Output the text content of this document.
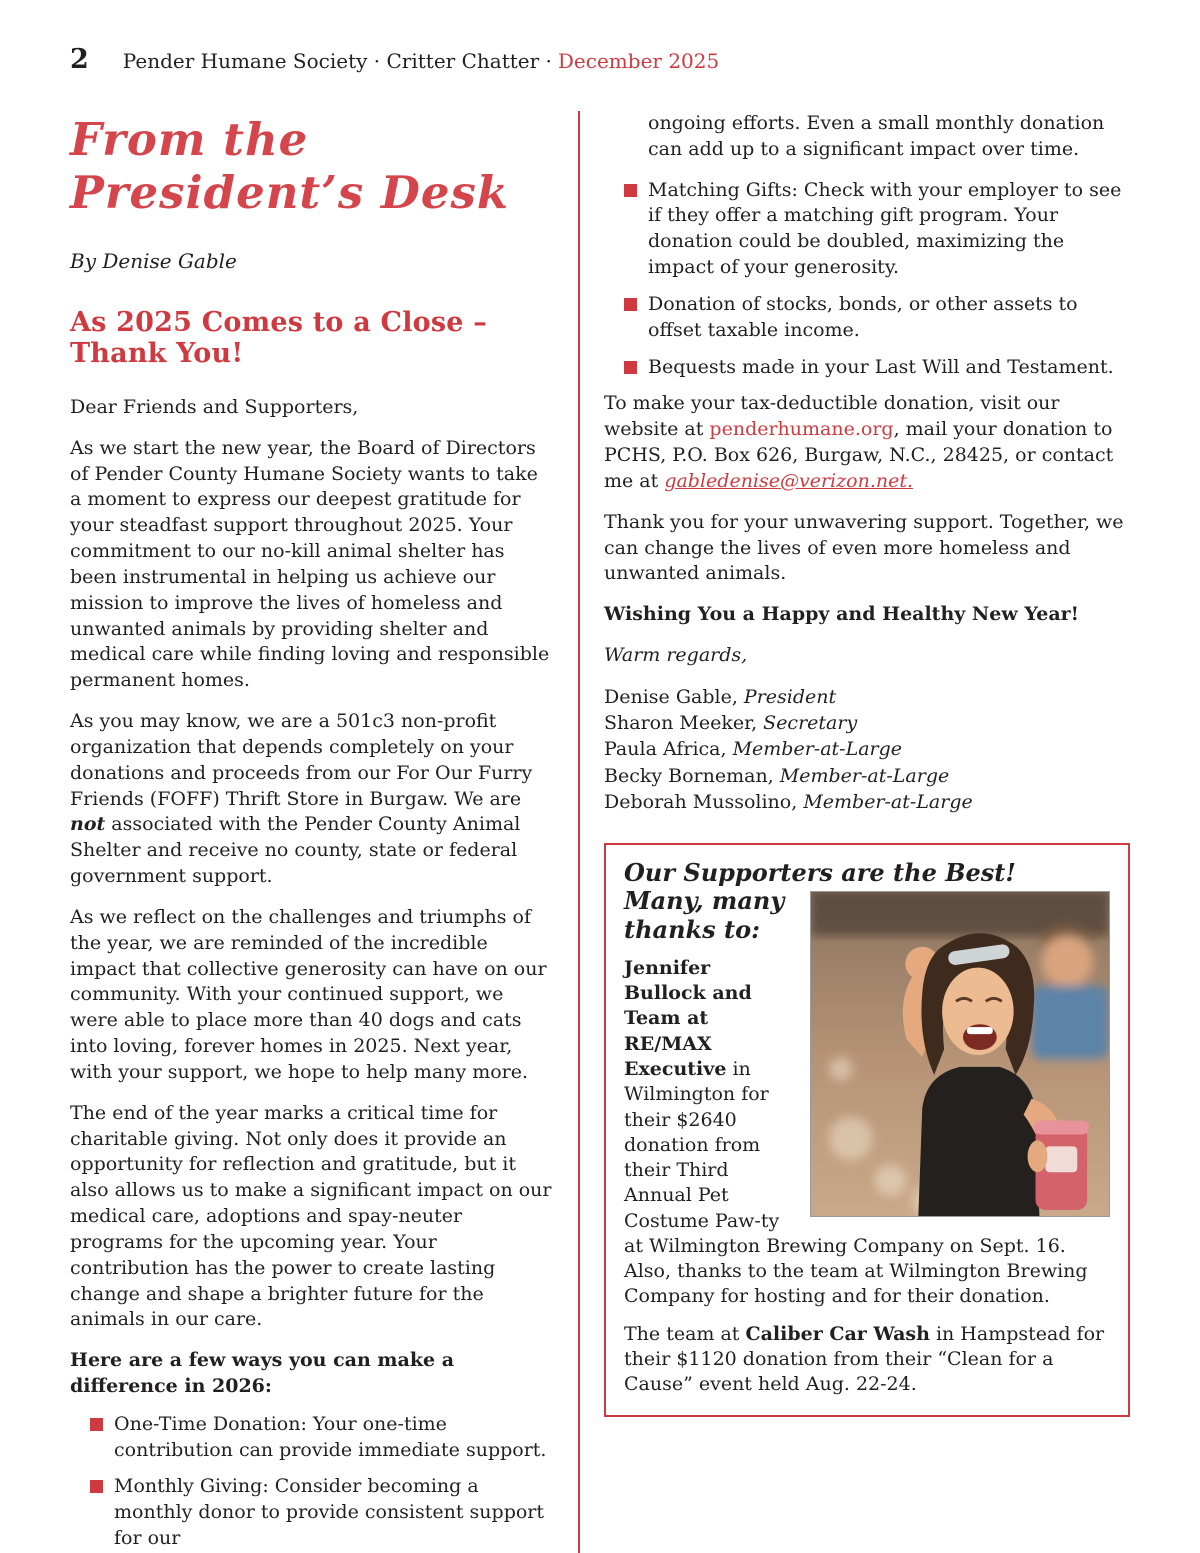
2 Pender Humane Society · Critter Chatter · December 2025
From the President’s Desk
By Denise Gable
As 2025 Comes to a Close – Thank You!

Dear Friends and Supporters,

As we start the new year, the Board of Directors of Pender County Humane Society wants to take a moment to express our deepest gratitude for your steadfast support throughout 2025. Your commitment to our no-kill animal shelter has been instrumental in helping us achieve our mission to improve the lives of homeless and unwanted animals by providing shelter and medical care while finding loving and responsible permanent homes.

As you may know, we are a 501c3 non-profit organization that depends completely on your donations and proceeds from our For Our Furry Friends (FOFF) Thrift Store in Burgaw. We are not associated with the Pender County Animal Shelter and receive no county, state or federal government support.

As we reflect on the challenges and triumphs of the year, we are reminded of the incredible impact that collective generosity can have on our community. With your continued support, we were able to place more than 40 dogs and cats into loving, forever homes in 2025. Next year, with your support, we hope to help many more.

The end of the year marks a critical time for charitable giving. Not only does it provide an opportunity for reflection and gratitude, but it also allows us to make a significant impact on our medical care, adoptions and spay-neuter programs for the upcoming year. Your contribution has the power to create lasting change and shape a brighter future for the animals in our care.

Here are a few ways you can make a difference in 2026:
One-Time Donation: Your one-time contribution can provide immediate support.
Monthly Giving: Consider becoming a monthly donor to provide consistent support for our

ongoing efforts. Even a small monthly donation can add up to a significant impact over time.

Matching Gifts: Check with your employer to see if they offer a matching gift program. Your donation could be doubled, maximizing the impact of your generosity.
Donation of stocks, bonds, or other assets to offset taxable income.
Bequests made in your Last Will and Testament.

To make your tax-deductible donation, visit our website at penderhumane.org, mail your donation to PCHS, P.O. Box 626, Burgaw, N.C., 28425, or contact me at gabledenise@verizon.net.

Thank you for your unwavering support. Together, we can change the lives of even more homeless and unwanted animals.

Wishing You a Happy and Healthy New Year!
Warm regards,
Denise Gable, President
Sharon Meeker, Secretary
Paula Africa, Member-at-Large
Becky Borneman, Member-at-Large
Deborah Mussolino, Member-at-Large
Our Supporters are the Best!
Many, many thanks to:

Jennifer Bullock and Team at RE/MAX Executive in Wilmington for their $2640 donation from their Third Annual Pet Costume Paw-ty at Wilmington Brewing Company on Sept. 16. Also, thanks to the team at Wilmington Brewing Company for hosting and for their donation.

The team at Caliber Car Wash in Hampstead for their $1120 donation from their “Clean for a Cause” event held Aug. 22-24.
